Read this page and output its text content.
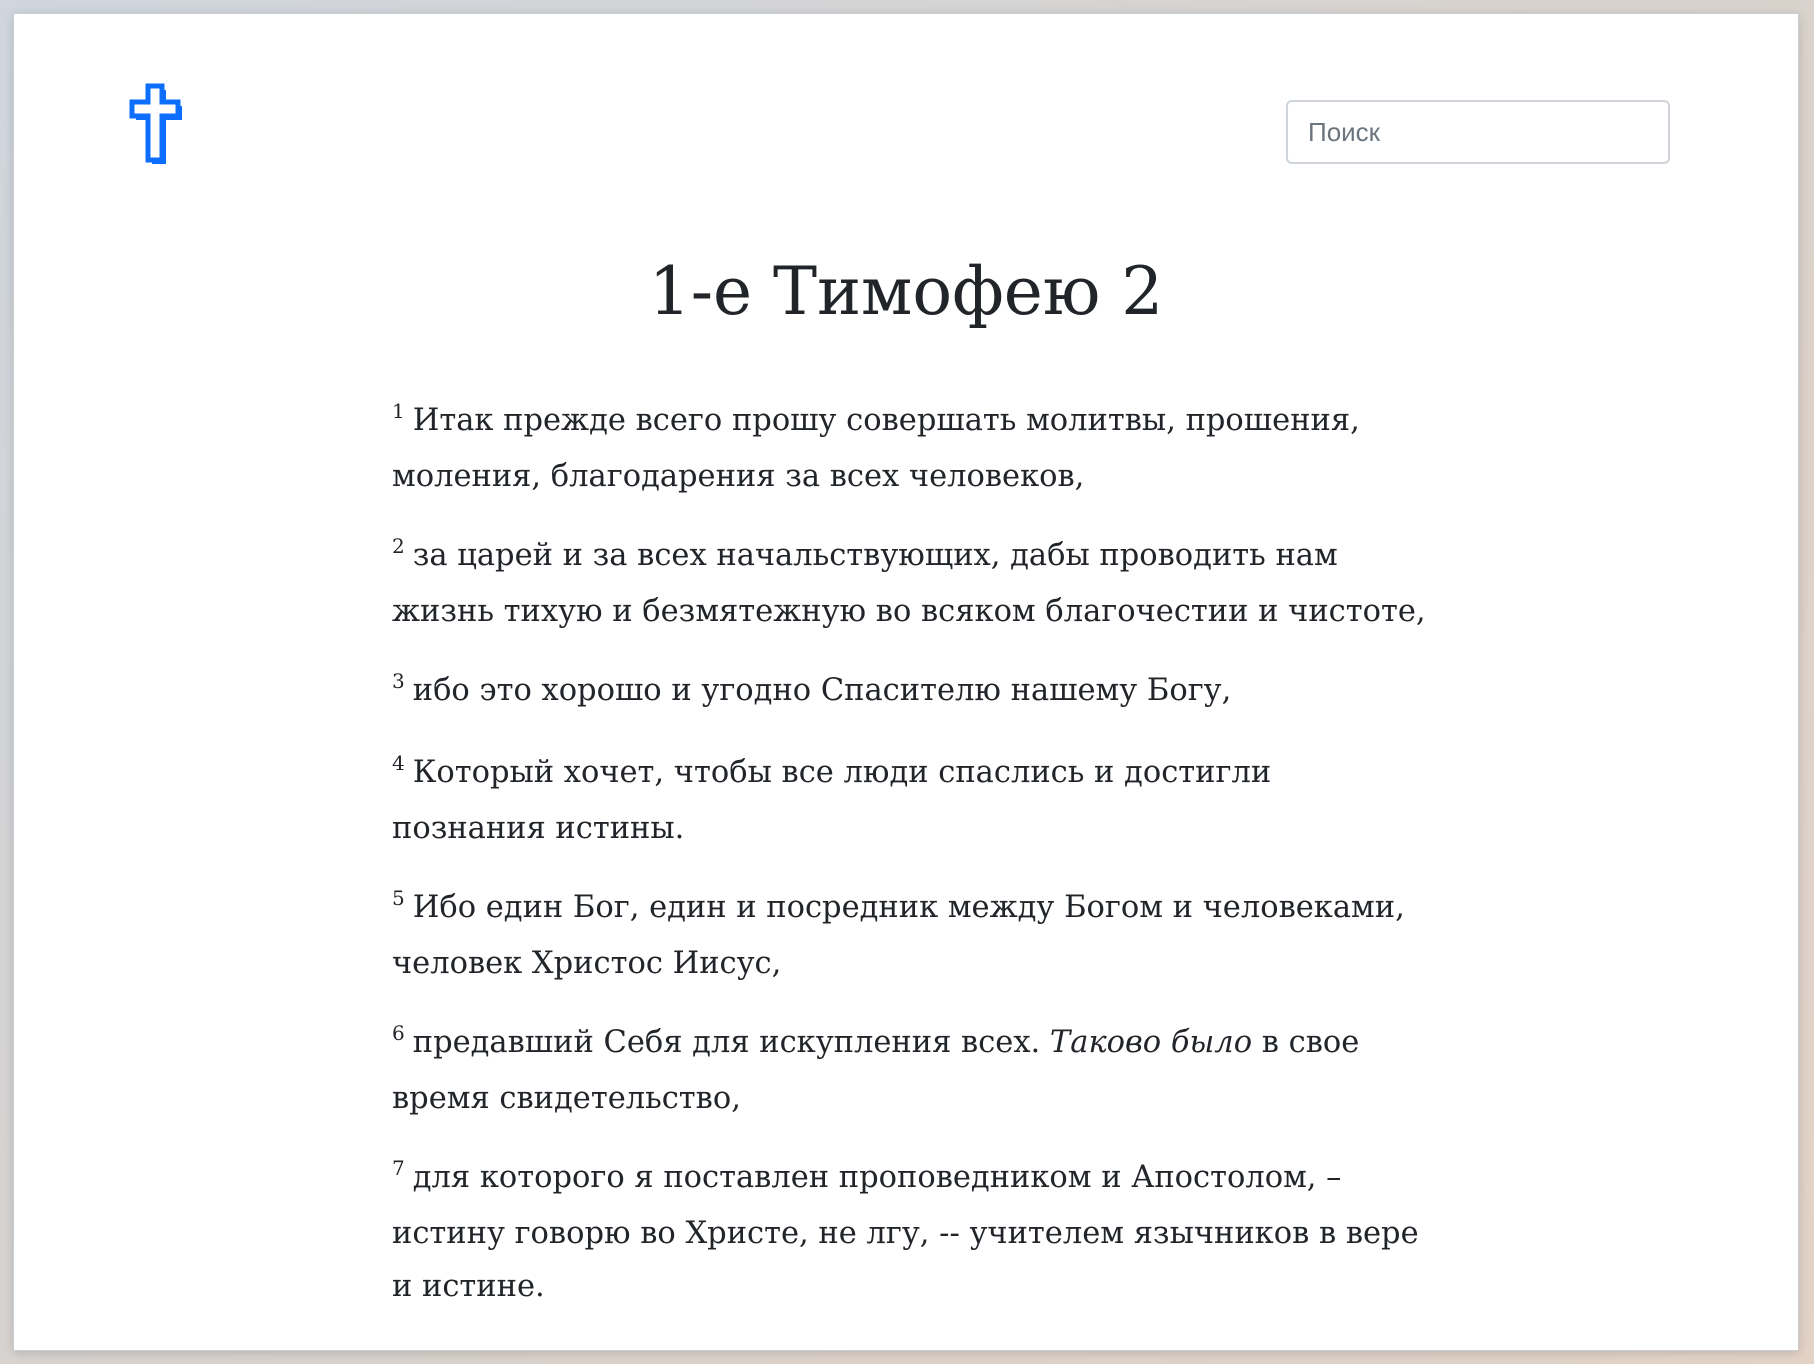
Поиск
1-е Тимофею 2

$^1$ Итак прежде всего прошу совершать молитвы, прошения, моления, благодарения за всех человеков,

$^2$ за царей и за всех начальствующих, дабы проводить нам жизнь тихую и безмятежную во всяком благочестии и чистоте,

$^3$ ибо это хорошо и угодно Спасителю нашему Богу,

$^4$ Который хочет, чтобы все люди спаслись и достигли познания истины.

$^5$ Ибо един Бог, един и посредник между Богом и человеками, человек Христос Иисус,

$^6$ предавший Себя для искупления всех. Таково было в свое время свидетельство,

$^7$ для которого я поставлен проповедником и Апостолом, – истину говорю во Христе, не лгу, -- учителем язычников в вере и истине.
